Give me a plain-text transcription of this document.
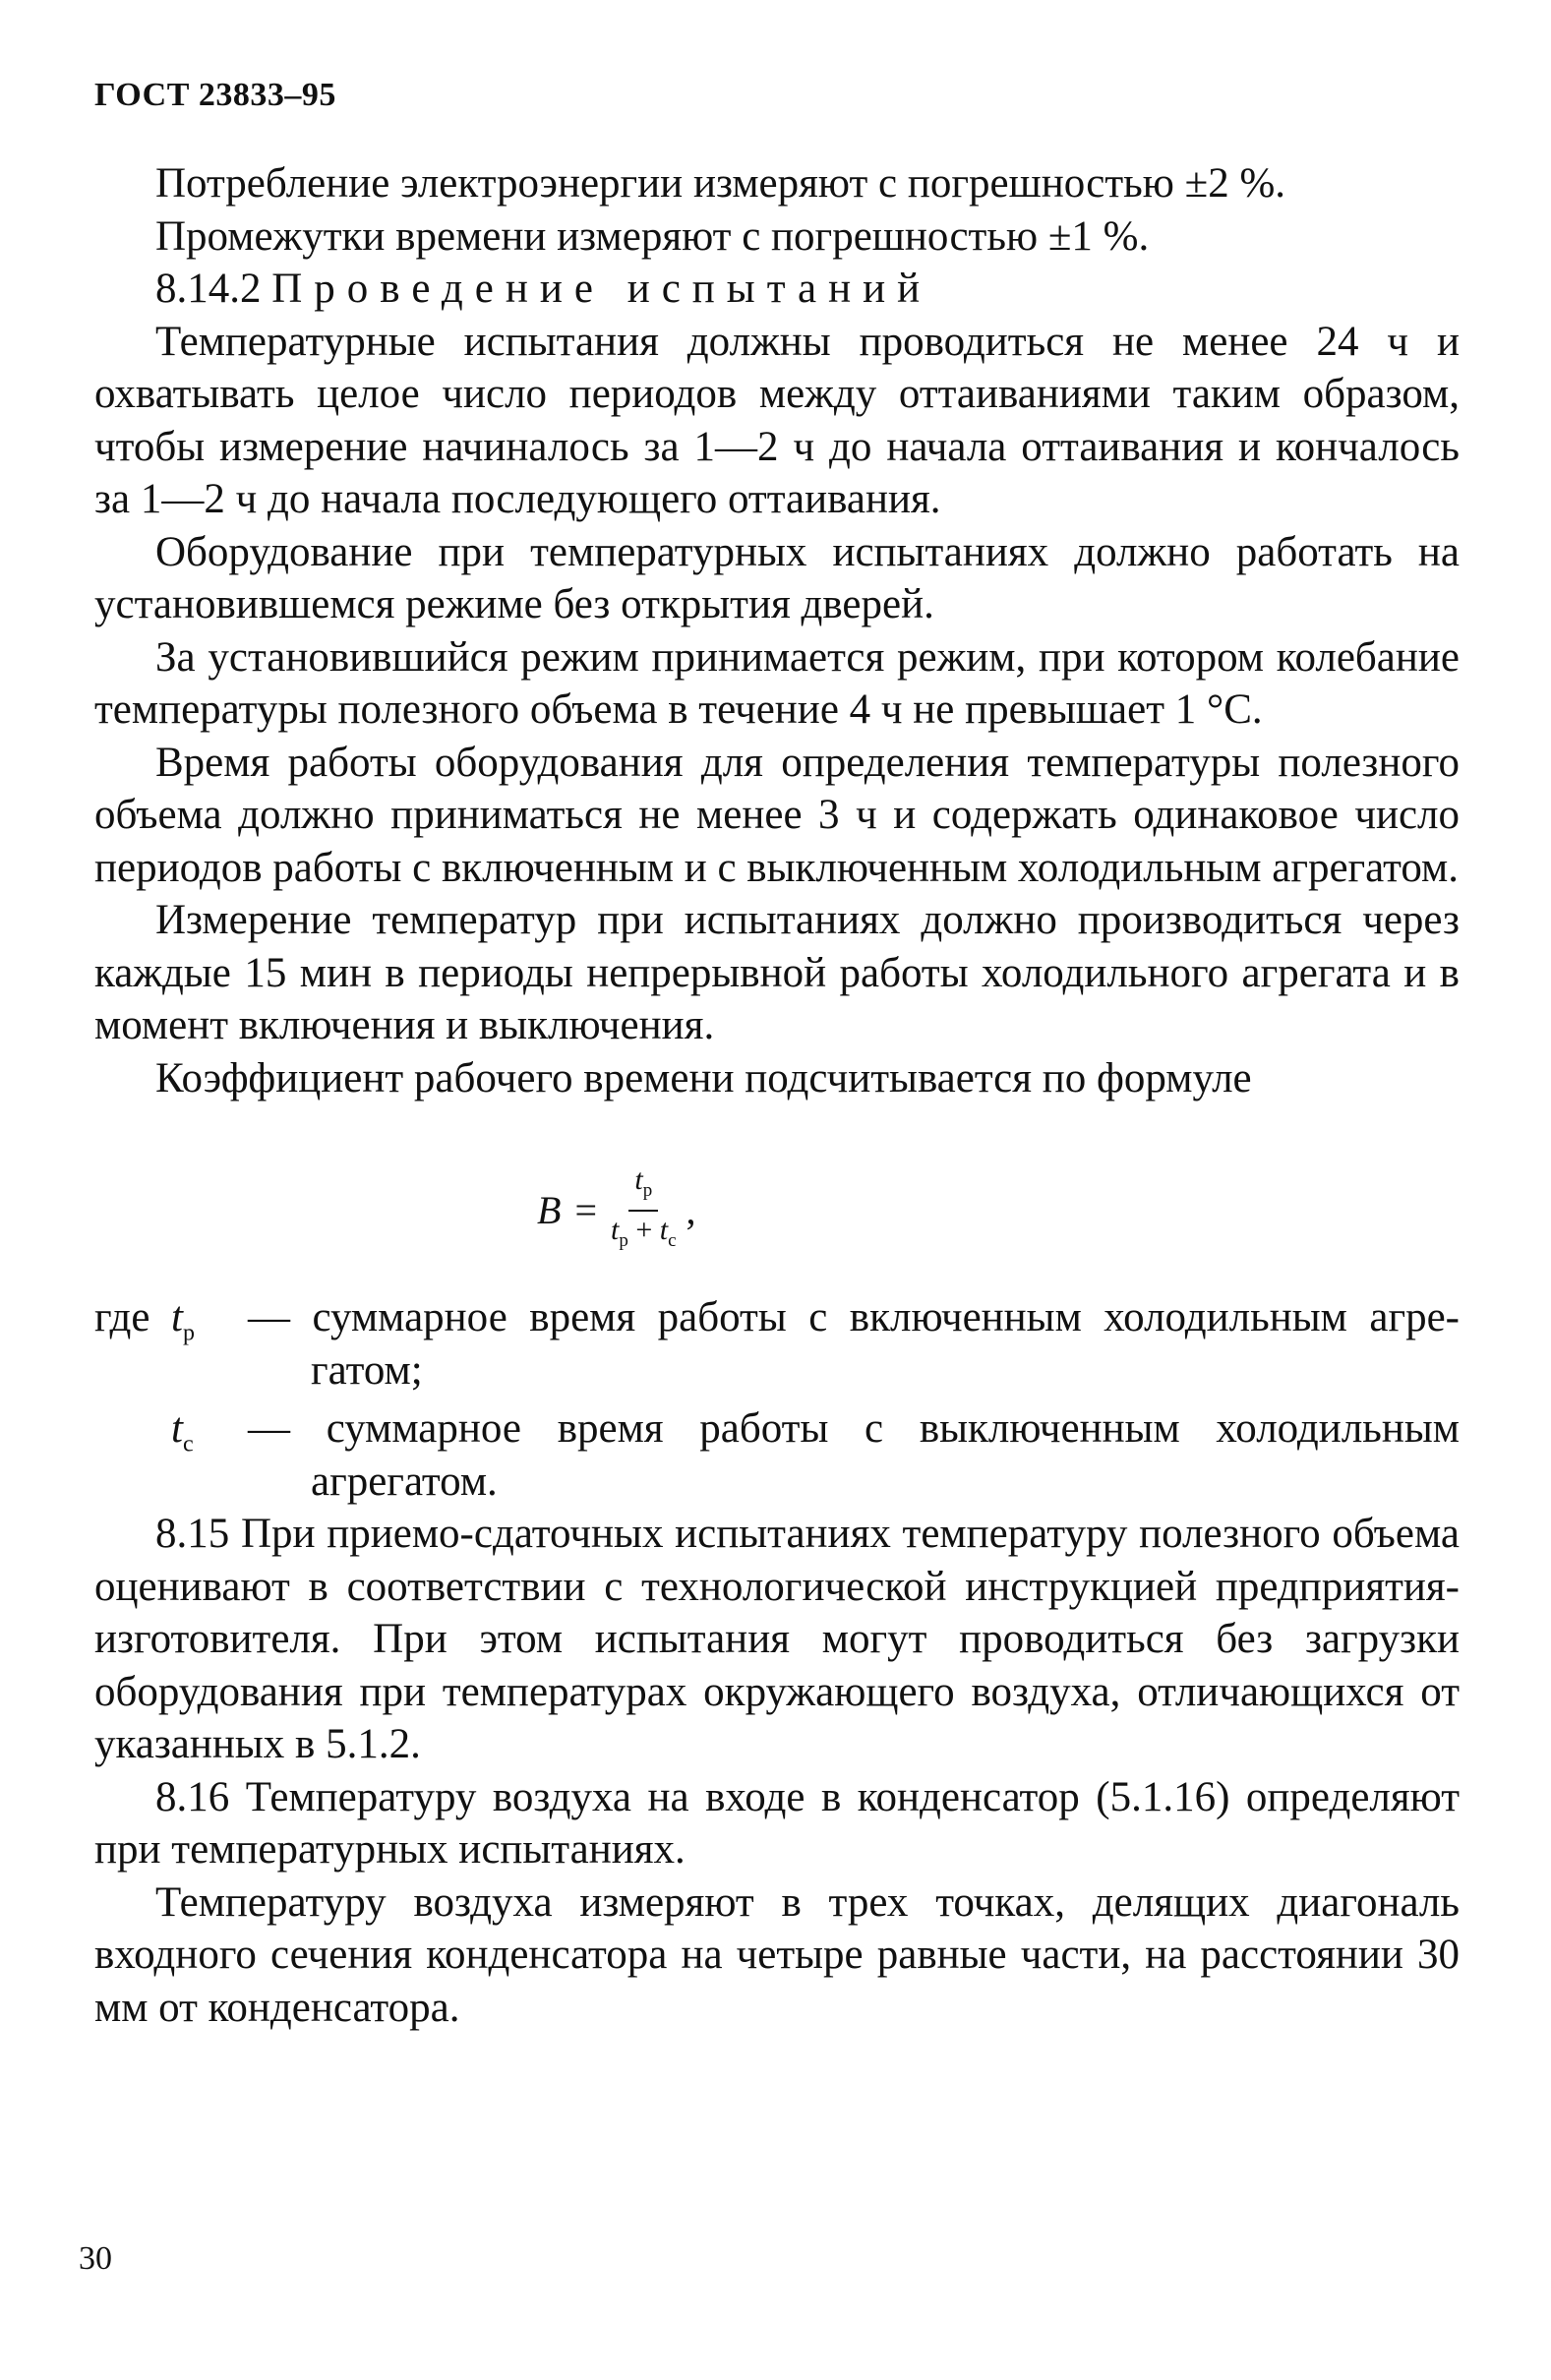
ГОСТ 23833–95

Потребление электроэнергии измеряют с погрешностью ±2 %.

Промежутки времени измеряют с погрешностью ±1 %.

8.14.2 Проведение испытаний

Температурные испытания должны проводиться не менее 24 ч и охватывать целое число периодов между оттаиваниями таким образом, чтобы измерение начиналось за 1—2 ч до начала оттаивания и кончалось за 1—2 ч до начала последующего оттаивания.

Оборудование при температурных испытаниях должно работать на установившемся режиме без открытия дверей.

За установившийся режим принимается режим, при котором колебание температуры полезного объема в течение 4 ч не превышает 1 °С.

Время работы оборудования для определения температуры полезного объема должно приниматься не менее 3 ч и содержать одинаковое число периодов работы с включенным и с выключенным холодильным агрегатом.

Измерение температур при испытаниях должно производиться через каждые 15 мин в периоды непрерывной работы холодильного агрегата и в момент включения и выключения.

Коэффициент рабочего времени подсчитывается по формуле

$B = \frac{t_р}{t_р + t_с}$ ,
где $t_р$
— суммарное время работы с включенным холодильным агре-
гатом;
$t_с$
— суммарное время работы с выключенным холодильным
агрегатом.

8.15 При приемо-сдаточных испытаниях температуру полезного объема оценивают в соответствии с технологической инструкцией предприятия-изготовителя. При этом испытания могут проводиться без загрузки оборудования при температурах окружающего воздуха, отличающихся от указанных в 5.1.2.

8.16 Температуру воздуха на входе в конденсатор (5.1.16) определяют при температурных испытаниях.

Температуру воздуха измеряют в трех точках, делящих диагональ входного сечения конденсатора на четыре равные части, на расстоянии 30 мм от конденсатора.

30
